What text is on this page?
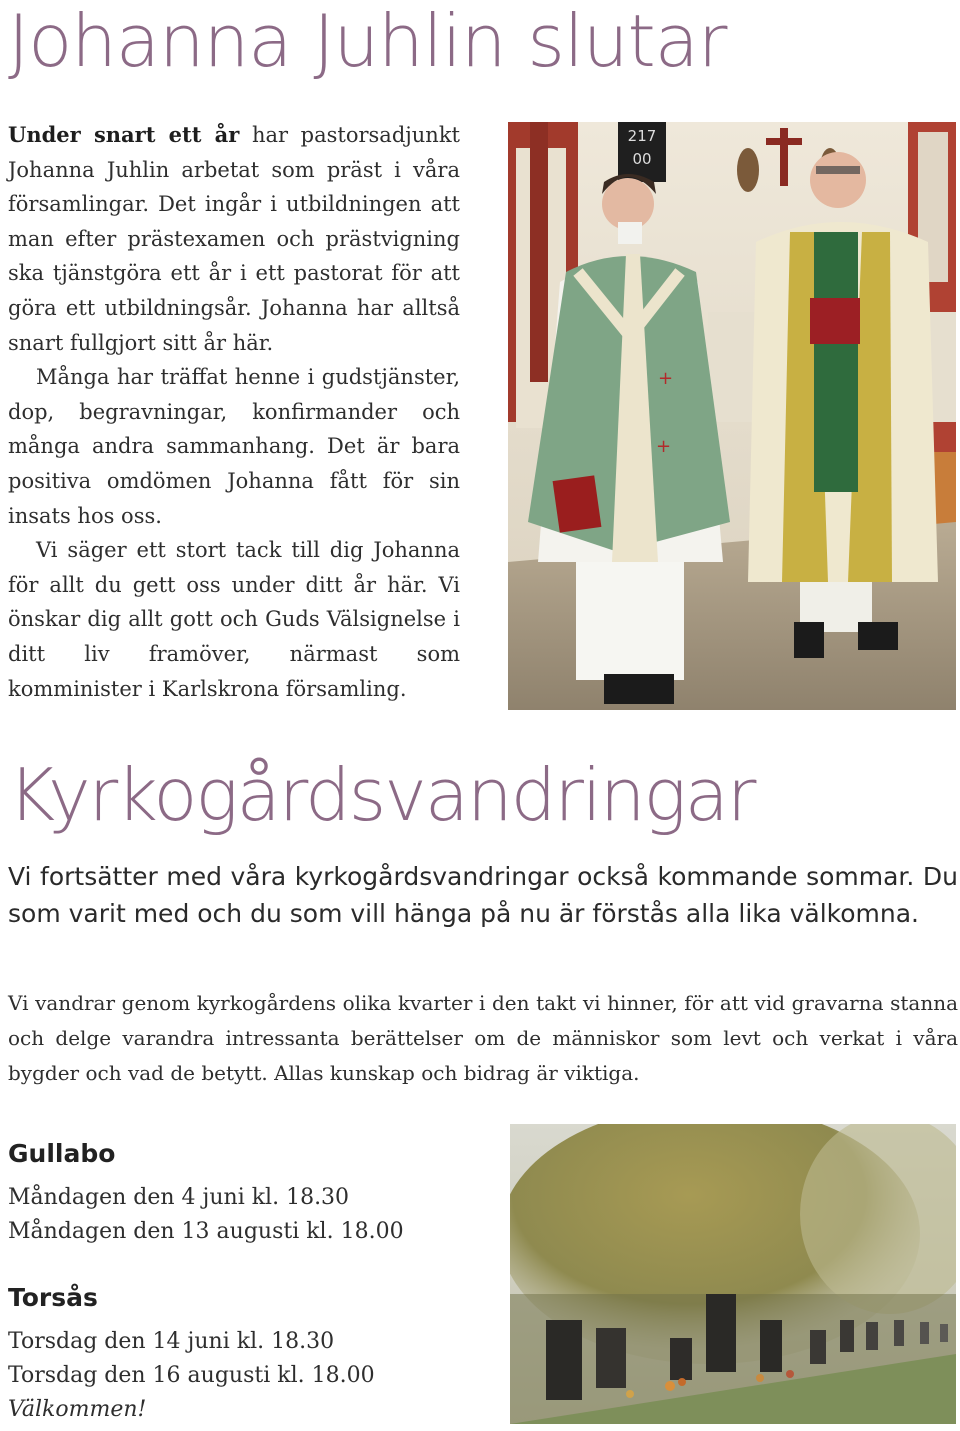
Johanna Juhlin slutar

Under snart ett år har pastorsadjunkt Johanna Juhlin arbetat som präst i våra församlingar. Det ingår i utbildningen att man efter prästexamen och prästvigning ska tjänstgöra ett år i ett pastorat för att göra ett utbildningsår. Johanna har alltså snart fullgjort sitt år här.

Många har träffat henne i gudstjänster, dop, begravningar, konfirmander och många andra sammanhang. Det är bara positiva omdömen Johanna fått för sin insats hos oss.

Vi säger ett stort tack till dig Johanna för allt du gett oss under ditt år här. Vi önskar dig allt gott och Guds Välsignelse i ditt liv framöver, närmast som komminister i Karlskrona församling.

217
00
+
+
Kyrkogårdsvandringar

Vi fortsätter med våra kyrkogårdsvandringar också kommande sommar. Du som varit med och du som vill hänga på nu är förstås alla lika välkomna.

Vi vandrar genom kyrkogårdens olika kvarter i den takt vi hinner, för att vid gravarna stanna och delge varandra intressanta berättelser om de människor som levt och verkat i våra bygder och vad de betytt. Allas kunskap och bidrag är viktiga.

Gullabo

Måndagen den 4 juni kl. 18.30

Måndagen den 13 augusti kl. 18.00

Torsås

Torsdag den 14 juni kl. 18.30

Torsdag den 16 augusti kl. 18.00

Välkommen!
